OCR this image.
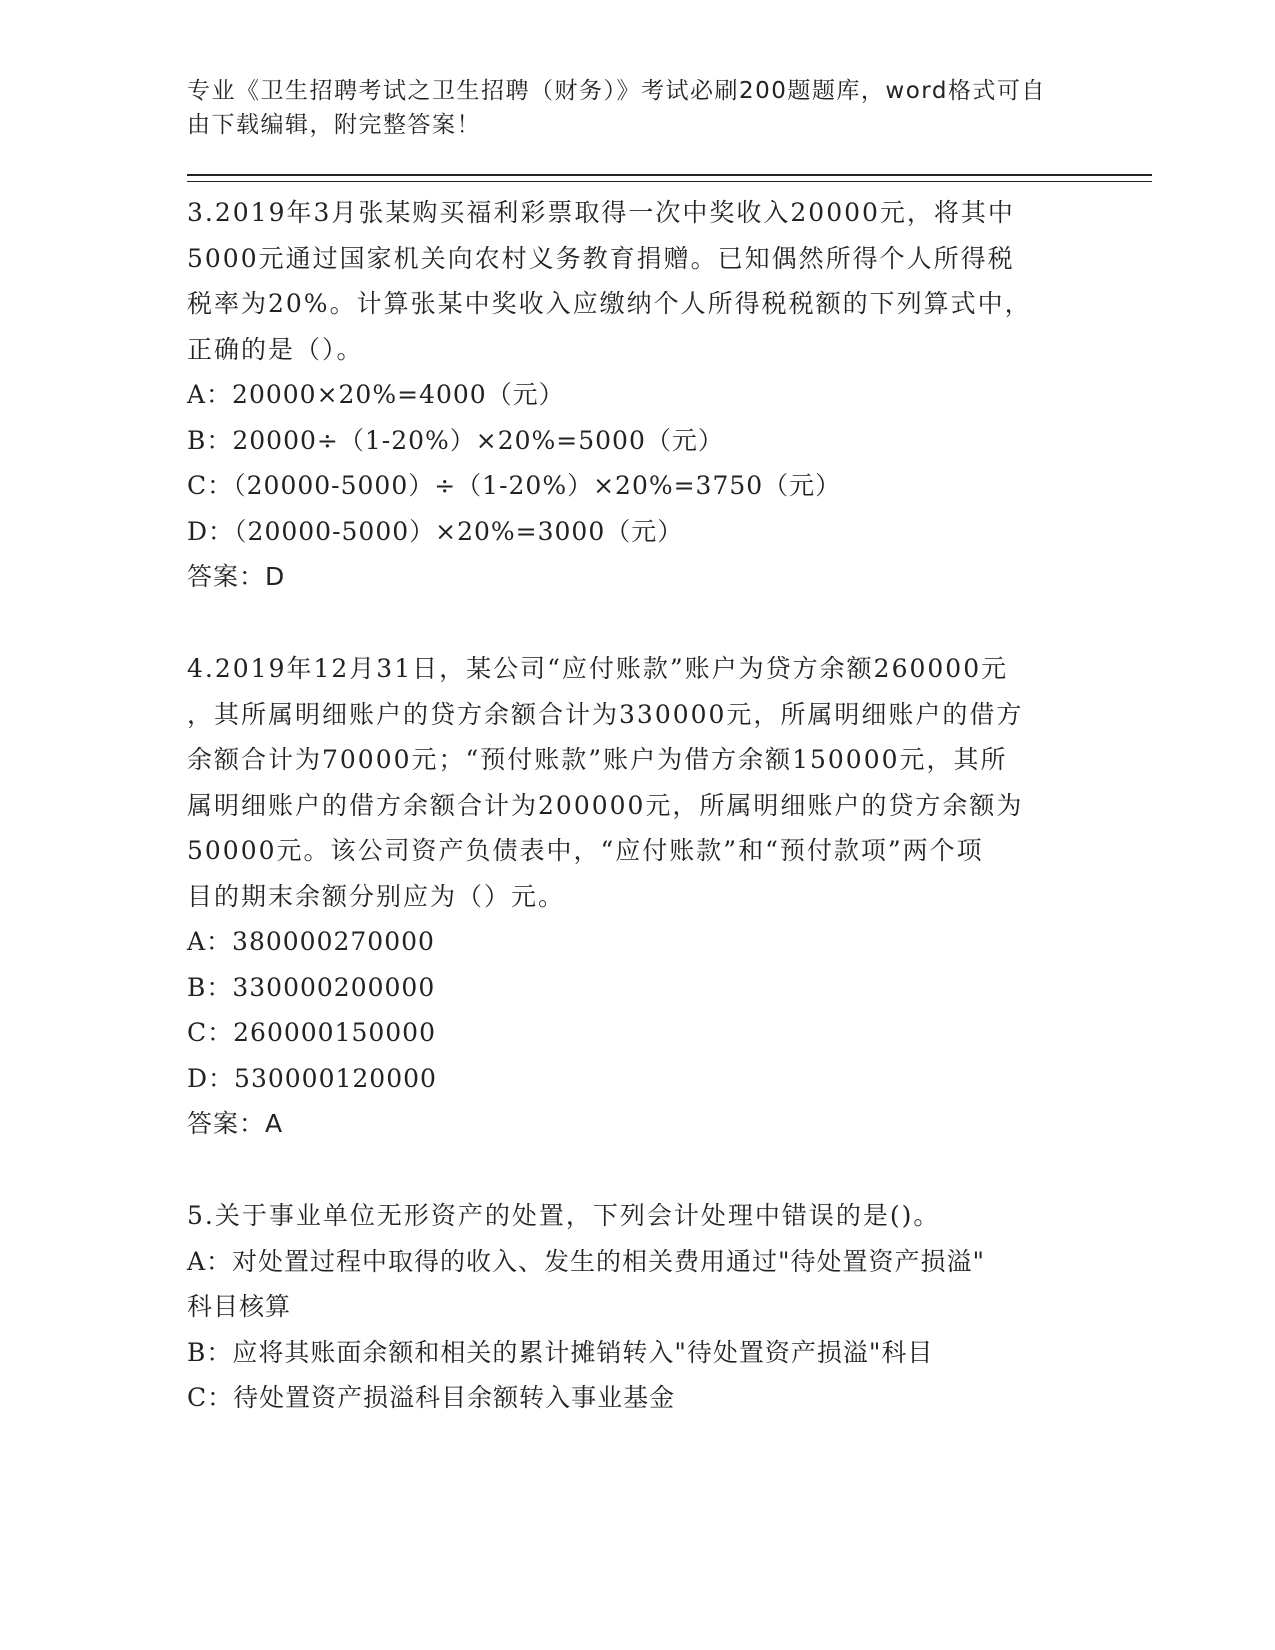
专业《卫生招聘考试之卫生招聘（财务）》考试必刷200题题库，word格式可自
由下载编辑，附完整答案！
3.2019年3月张某购买福利彩票取得一次中奖收入20000元，将其中
5000元通过国家机关向农村义务教育捐赠。已知偶然所得个人所得税
税率为20%。计算张某中奖收入应缴纳个人所得税税额的下列算式中，
正确的是（）。
A：20000×20%=4000（元）
B：20000÷（1-20%）×20%=5000（元）
C：（20000-5000）÷（1-20%）×20%=3750（元）
D：（20000-5000）×20%=3000（元）
答案：D
4.2019年12月31日，某公司“应付账款”账户为贷方余额260000元
，其所属明细账户的贷方余额合计为330000元，所属明细账户的借方
余额合计为70000元；“预付账款”账户为借方余额150000元，其所
属明细账户的借方余额合计为200000元，所属明细账户的贷方余额为
50000元。该公司资产负债表中，“应付账款”和“预付款项”两个项
目的期末余额分别应为（）元。
A：380000270000
B：330000200000
C：260000150000
D：530000120000
答案：A
5.关于事业单位无形资产的处置，下列会计处理中错误的是()。
A：对处置过程中取得的收入、发生的相关费用通过"待处置资产损溢"
科目核算
B：应将其账面余额和相关的累计摊销转入"待处置资产损溢"科目
C：待处置资产损溢科目余额转入事业基金
